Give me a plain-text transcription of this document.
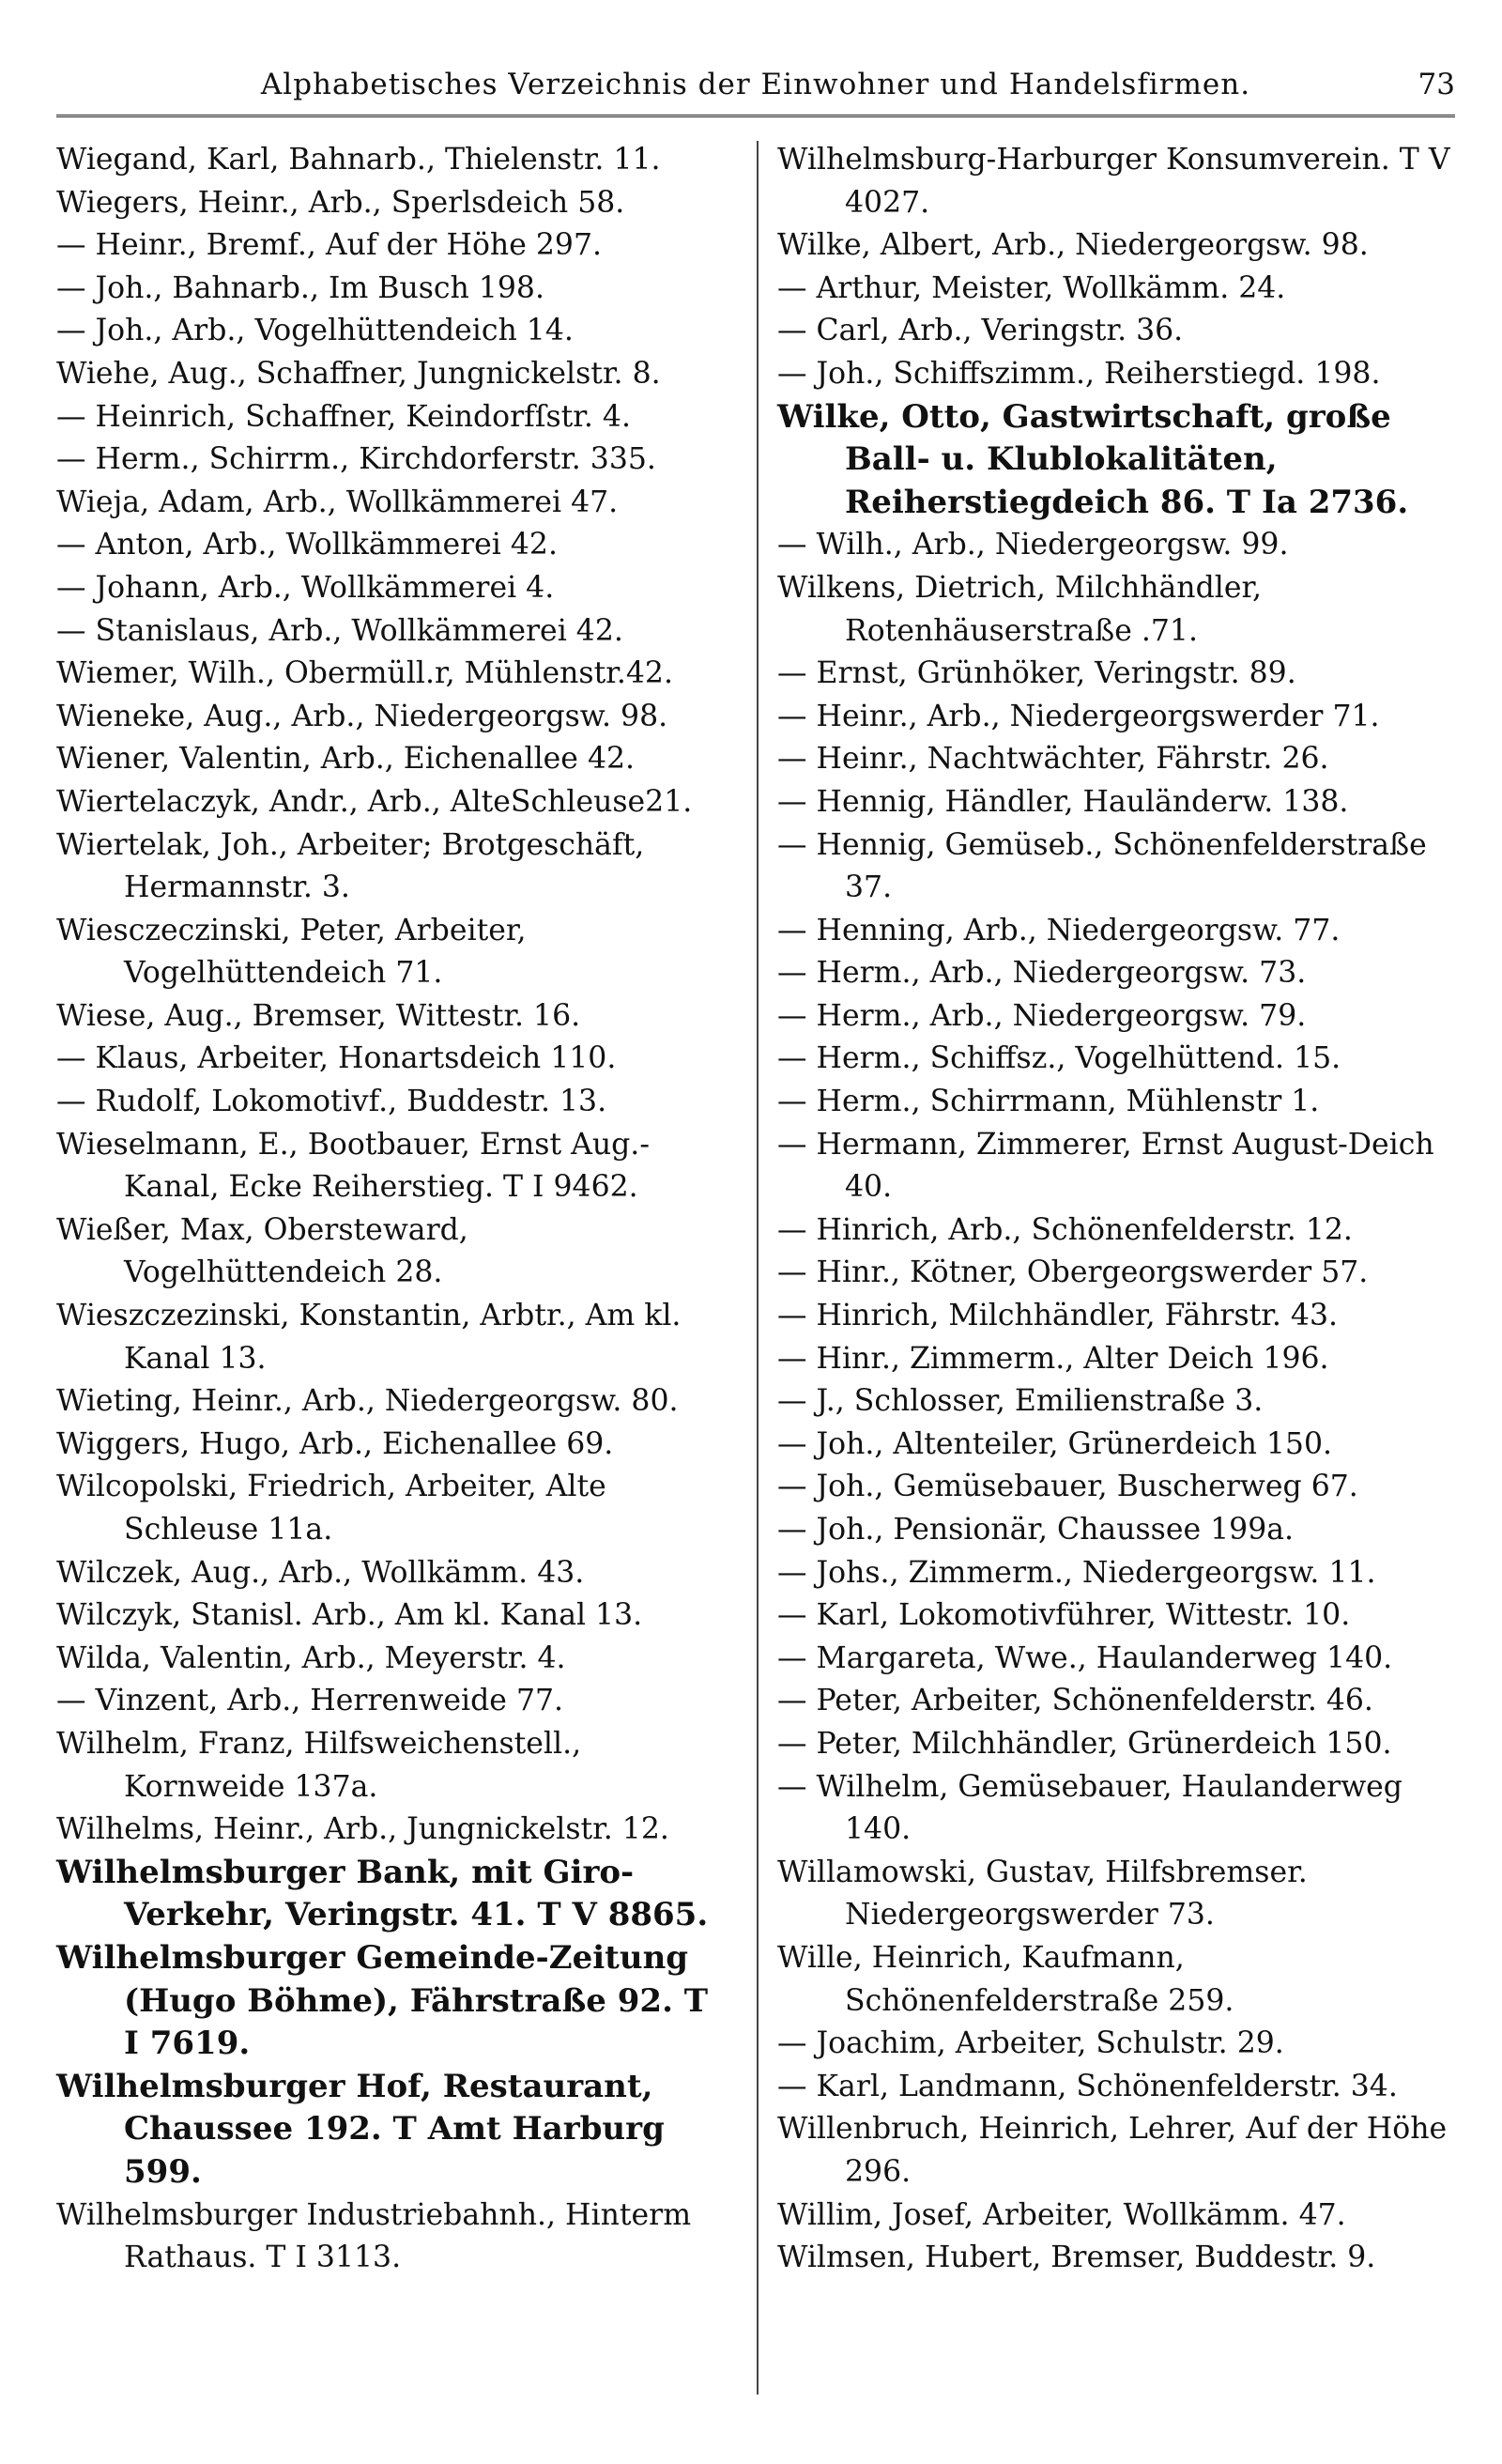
Alphabetisches Verzeichnis der Einwohner und Handelsfirmen.	73
Wiegand, Karl, Bahnarb., Thielenstr. 11.
Wiegers, Heinr., Arb., Sperlsdeich 58.
— Heinr., Bremf., Auf der Höhe 297.
— Joh., Bahnarb., Im Busch 198.
— Joh., Arb., Vogelhüttendeich 14.
Wiehe, Aug., Schaffner, Jungnickelstr. 8.
— Heinrich, Schaffner, Keindorfſstr. 4.
— Herm., Schirrm., Kirchdorferstr. 335.
Wieja, Adam, Arb., Wollkämmerei 47.
— Anton, Arb., Wollkämmerei 42.
— Johann, Arb., Wollkämmerei 4.
— Stanislaus, Arb., Wollkämmerei 42.
Wiemer, Wilh., Obermüll.r, Mühlenstr.42.
Wieneke, Aug., Arb., Niedergeorgsw. 98.
Wiener, Valentin, Arb., Eichenallee 42.
Wiertelaczyk, Andr., Arb., AlteSchleuse21.
Wiertelak, Joh., Arbeiter; Brotgeschäft, Hermannstr. 3.
Wiesczeczinski, Peter, Arbeiter, Vogelhüttendeich 71.
Wiese, Aug., Bremser, Wittestr. 16.
— Klaus, Arbeiter, Honartsdeich 110.
— Rudolf, Lokomotivf., Buddestr. 13.
Wieselmann, E., Bootbauer, Ernst Aug.-Kanal, Ecke Reiherstieg. T I 9462.
Wießer, Max, Obersteward, Vogelhüttendeich 28.
Wieszczezinski, Konstantin, Arbtr., Am kl. Kanal 13.
Wieting, Heinr., Arb., Niedergeorgsw. 80.
Wiggers, Hugo, Arb., Eichenallee 69.
Wilcopolski, Friedrich, Arbeiter, Alte Schleuse 11a.
Wilczek, Aug., Arb., Wollkämm. 43.
Wilczyk, Stanisl. Arb., Am kl. Kanal 13.
Wilda, Valentin, Arb., Meyerstr. 4.
— Vinzent, Arb., Herrenweide 77.
Wilhelm, Franz, Hilfsweichenstell., Kornweide 137a.
Wilhelms, Heinr., Arb., Jungnickelstr. 12.
Wilhelmsburger Bank, mit Giro-Verkehr, Veringstr. 41. T V 8865.
Wilhelmsburger Gemeinde-Zeitung (Hugo Böhme), Fährstraße 92. T I 7619.
Wilhelmsburger Hof, Restaurant, Chaussee 192. T Amt Harburg 599.
Wilhelmsburger Industriebahnh., Hinterm Rathaus. T I 3113.
Wilhelmsburg-Harburger Konsumverein. T V 4027.
Wilke, Albert, Arb., Niedergeorgsw. 98.
— Arthur, Meister, Wollkämm. 24.
— Carl, Arb., Veringstr. 36.
— Joh., Schiffszimm., Reiherstiegd. 198.
Wilke, Otto, Gastwirtschaft, große Ball- u. Klublokalitäten, Reiherstiegdeich 86. T Ia 2736.
— Wilh., Arb., Niedergeorgsw. 99.
Wilkens, Dietrich, Milchhändler, Rotenhäuserstraße .71.
— Ernst, Grünhöker, Veringstr. 89.
— Heinr., Arb., Niedergeorgswerder 71.
— Heinr., Nachtwächter, Fährstr. 26.
— Hennig, Händler, Hauländerw. 138.
— Hennig, Gemüseb., Schönenfelderstraße 37.
— Henning, Arb., Niedergeorgsw. 77.
— Herm., Arb., Niedergeorgsw. 73.
— Herm., Arb., Niedergeorgsw. 79.
— Herm., Schiffsz., Vogelhüttend. 15.
— Herm., Schirrmann, Mühlenstr 1.
— Hermann, Zimmerer, Ernst August-Deich 40.
— Hinrich, Arb., Schönenfelderstr. 12.
— Hinr., Kötner, Obergeorgswerder 57.
— Hinrich, Milchhändler, Fährstr. 43.
— Hinr., Zimmerm., Alter Deich 196.
— J., Schlosser, Emilienstraße 3.
— Joh., Altenteiler, Grünerdeich 150.
— Joh., Gemüsebauer, Buscherweg 67.
— Joh., Pensionär, Chaussee 199a.
— Johs., Zimmerm., Niedergeorgsw. 11.
— Karl, Lokomotivführer, Wittestr. 10.
— Margareta, Wwe., Haulanderweg 140.
— Peter, Arbeiter, Schönenfelderstr. 46.
— Peter, Milchhändler, Grünerdeich 150.
— Wilhelm, Gemüsebauer, Haulanderweg 140.
Willamowski, Gustav, Hilfsbremser. Niedergeorgswerder 73.
Wille, Heinrich, Kaufmann, Schönenfelderstraße 259.
— Joachim, Arbeiter, Schulstr. 29.
— Karl, Landmann, Schönenfelderstr. 34.
Willenbruch, Heinrich, Lehrer, Auf der Höhe 296.
Willim, Josef, Arbeiter, Wollkämm. 47.
Wilmsen, Hubert, Bremser, Buddestr. 9.
